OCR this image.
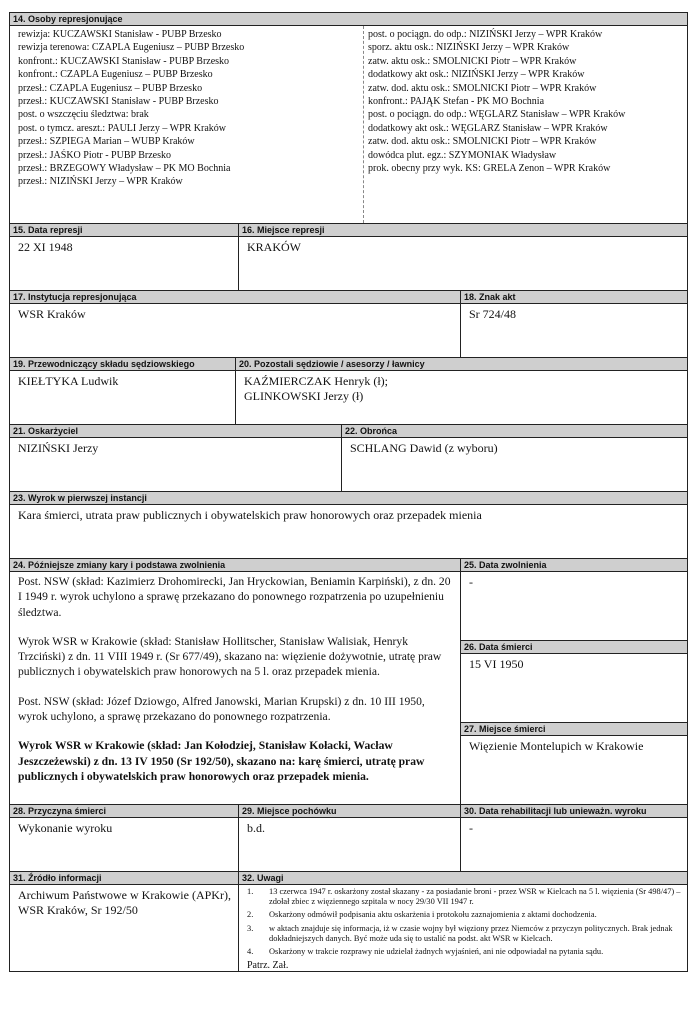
14. Osoby represjonujące
rewizja: KUCZAWSKI Stanisław - PUBP Brzesko
rewizja terenowa: CZAPLA Eugeniusz – PUBP Brzesko
konfront.: KUCZAWSKI Stanisław - PUBP Brzesko
konfront.: CZAPLA Eugeniusz – PUBP Brzesko
przesł.: CZAPLA Eugeniusz – PUBP Brzesko
przesł.: KUCZAWSKI Stanisław - PUBP Brzesko
post. o wszczęciu śledztwa: brak
post. o tymcz. areszt.: PAULI Jerzy – WPR Kraków
przesł.: SZPIEGA Marian – WUBP Kraków
przesł.: JAŚKO Piotr - PUBP Brzesko
przesł.: BRZEGOWY Władysław – PK MO Bochnia
przesł.: NIZIŃSKI Jerzy – WPR Kraków
post. o pociągn. do odp.: NIZIŃSKI Jerzy – WPR Kraków
sporz. aktu osk.: NIZIŃSKI Jerzy – WPR Kraków
zatw. aktu osk.: SMOLNICKI Piotr – WPR Kraków
dodatkowy akt osk.: NIZIŃSKI Jerzy – WPR Kraków
zatw. dod. aktu osk.: SMOLNICKI Piotr – WPR Kraków
konfront.: PAJĄK Stefan - PK MO Bochnia
post. o pociągn. do odp.: WĘGLARZ Stanisław – WPR Kraków
dodatkowy akt osk.: WĘGLARZ Stanisław – WPR Kraków
zatw. dod. aktu osk.: SMOLNICKI Piotr – WPR Kraków
dowódca plut. egz.: SZYMONIAK Władysław
prok. obecny przy wyk. KS: GRELA Zenon – WPR Kraków
15. Data represji
22 XI 1948
16. Miejsce represji
KRAKÓW
17. Instytucja represjonująca
WSR Kraków
18. Znak akt
Sr 724/48
19. Przewodniczący składu sędziowskiego
KIEŁTYKA Ludwik
20. Pozostali sędziowie / asesorzy / ławnicy
KAŹMIERCZAK Henryk (ł);
GLINKOWSKI Jerzy (ł)
21. Oskarżyciel
NIZIŃSKI Jerzy
22. Obrońca
SCHLANG Dawid (z wyboru)
23. Wyrok w pierwszej instancji
Kara śmierci, utrata praw publicznych i obywatelskich praw honorowych oraz przepadek mienia
24. Późniejsze zmiany kary i podstawa zwolnienia

Post. NSW (skład: Kazimierz Drohomirecki, Jan Hryckowian, Beniamin Karpiński), z dn. 20 I 1949 r. wyrok uchylono a sprawę przekazano do ponownego rozpatrzenia po uzupełnieniu śledztwa.

Wyrok WSR w Krakowie (skład: Stanisław Hollitscher, Stanisław Walisiak, Henryk Trzciński) z dn. 11 VIII 1949 r. (Sr 677/49), skazano na: więzienie dożywotnie, utratę praw publicznych i obywatelskich praw honorowych na 5 l. oraz przepadek mienia.

Post. NSW (skład: Józef Dziowgo, Alfred Janowski, Marian Krupski) z dn. 10 III 1950, wyrok uchylono, a sprawę przekazano do ponownego rozpatrzenia.

Wyrok WSR w Krakowie (skład: Jan Kołodziej, Stanisław Kołacki, Wacław Jeszczeżewski) z dn. 13 IV 1950 (Sr 192/50), skazano na: karę śmierci, utratę praw publicznych i obywatelskich praw honorowych oraz przepadek mienia.

25. Data zwolnienia
-
26. Data śmierci
15 VI 1950
27. Miejsce śmierci
Więzienie Montelupich w Krakowie
28. Przyczyna śmierci
Wykonanie wyroku
29. Miejsce pochówku
b.d.
30. Data rehabilitacji lub unieważn. wyroku
-
31. Źródło informacji
Archiwum Państwowe w Krakowie (APKr), WSR Kraków, Sr 192/50
32. Uwagi
1. 13 czerwca 1947 r. oskarżony został skazany - za posiadanie broni - przez WSR w Kielcach na 5 l. więzienia (Sr 498/47) – zdołał zbiec z więziennego szpitala w nocy 29/30 VII 1947 r.
2. Oskarżony odmówił podpisania aktu oskarżenia i protokołu zaznajomienia z aktami dochodzenia.
3. w aktach znajduje się informacja, iż w czasie wojny był więziony przez Niemców z przyczyn politycznych. Brak jednak dokładniejszych danych. Być może uda się to ustalić na podst. akt WSR w Kielcach.
4. Oskarżony w trakcie rozprawy nie udzielał żadnych wyjaśnień, ani nie odpowiadał na pytania sądu.
Patrz. Zał.
